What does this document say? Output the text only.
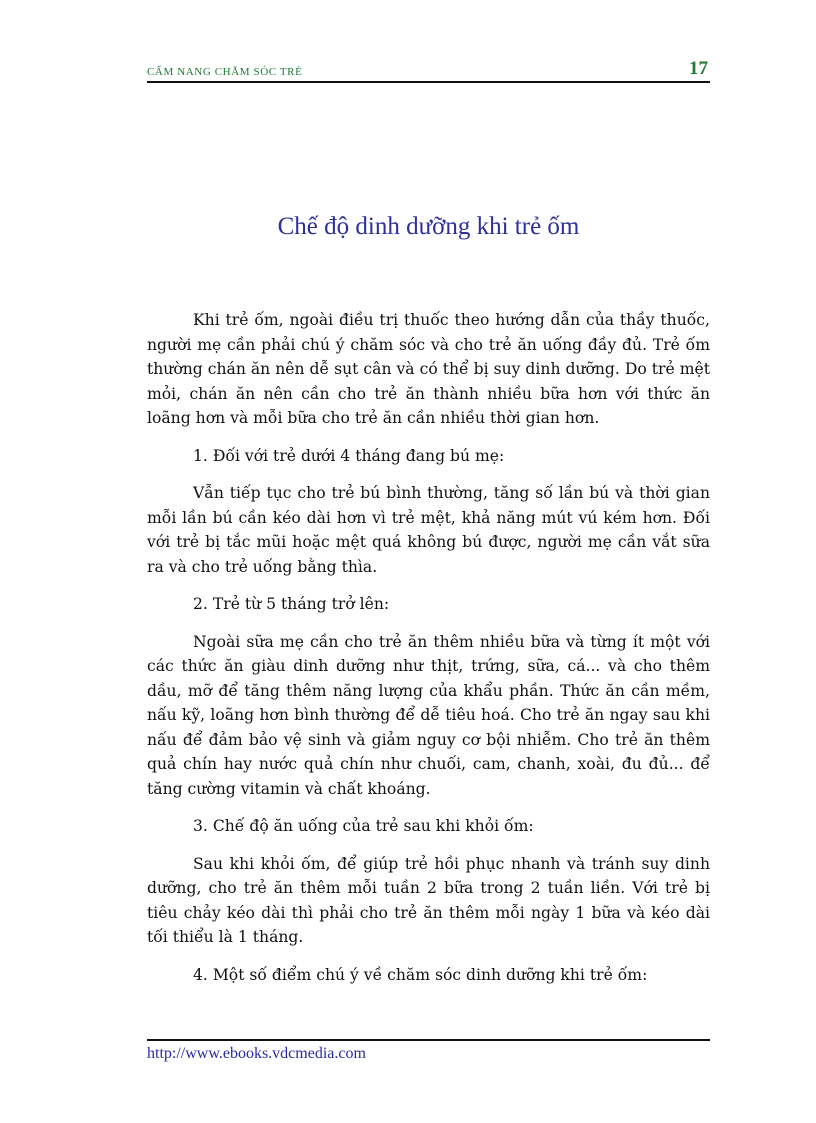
CẨM NANG CHĂM SÓC TRẺ	17
Chế độ dinh dưỡng khi trẻ ốm

Khi trẻ ốm, ngoài điều trị thuốc theo hướng dẫn của thầy thuốc, người mẹ cần phải chú ý chăm sóc và cho trẻ ăn uống đầy đủ. Trẻ ốm thường chán ăn nên dễ sụt cân và có thể bị suy dinh dưỡng. Do trẻ mệt mỏi, chán ăn nên cần cho trẻ ăn thành nhiều bữa hơn với thức ăn loãng hơn và mỗi bữa cho trẻ ăn cần nhiều thời gian hơn.

1. Đối với trẻ dưới 4 tháng đang bú mẹ:

Vẫn tiếp tục cho trẻ bú bình thường, tăng số lần bú và thời gian mỗi lần bú cần kéo dài hơn vì trẻ mệt, khả năng mút vú kém hơn. Đối với trẻ bị tắc mũi hoặc mệt quá không bú được, người mẹ cần vắt sữa ra và cho trẻ uống bằng thìa.

2. Trẻ từ 5 tháng trở lên:

Ngoài sữa mẹ cần cho trẻ ăn thêm nhiều bữa và từng ít một với các thức ăn giàu dinh dưỡng như thịt, trứng, sữa, cá... và cho thêm dầu, mỡ để tăng thêm năng lượng của khẩu phần. Thức ăn cần mềm, nấu kỹ, loãng hơn bình thường để dễ tiêu hoá. Cho trẻ ăn ngay sau khi nấu để đảm bảo vệ sinh và giảm nguy cơ bội nhiễm. Cho trẻ ăn thêm quả chín hay nước quả chín như chuối, cam, chanh, xoài, đu đủ... để tăng cường vitamin và chất khoáng.

3. Chế độ ăn uống của trẻ sau khi khỏi ốm:

Sau khi khỏi ốm, để giúp trẻ hồi phục nhanh và tránh suy dinh dưỡng, cho trẻ ăn thêm mỗi tuần 2 bữa trong 2 tuần liền. Với trẻ bị tiêu chảy kéo dài thì phải cho trẻ ăn thêm mỗi ngày 1 bữa và kéo dài tối thiểu là 1 tháng.

4. Một số điểm chú ý về chăm sóc dinh dưỡng khi trẻ ốm:

http://www.ebooks.vdcmedia.com
